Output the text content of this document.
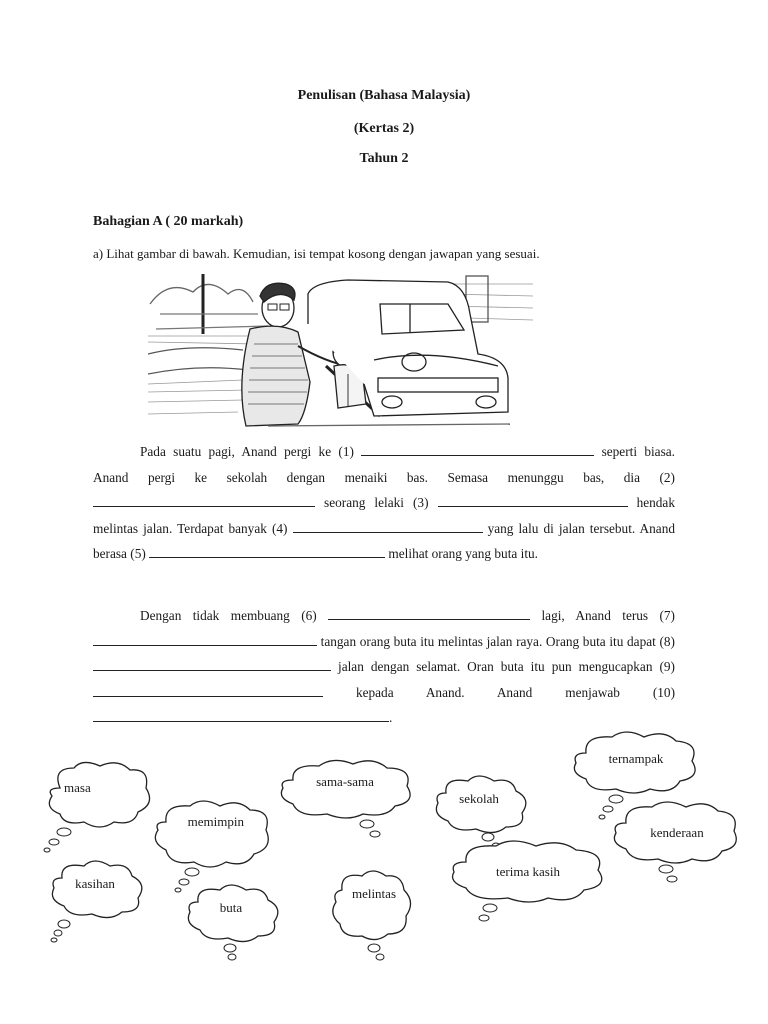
Penulisan (Bahasa Malaysia)
(Kertas 2)
Tahun 2
Bahagian A ( 20 markah)
a) Lihat gambar di bawah. Kemudian, isi tempat kosong dengan jawapan yang sesuai.
Pada suatu pagi, Anand pergi ke (1)	seperti biasa. Anand pergi ke sekolah dengan menaiki bas. Semasa menunggu bas, dia (2)  seorang lelaki (3)	hendak melintas jalan. Terdapat banyak (4)	yang lalu di jalan tersebut. Anand berasa (5)	melihat orang yang buta itu.
Dengan tidak membuang (6)	lagi, Anand terus (7)  tangan orang buta itu melintas jalan raya. Orang buta itu dapat (8)  jalan dengan selamat. Oran buta itu pun mengucapkan (9)  kepada Anand. Anand menjawab (10) .
masa
memimpin
sama-sama
sekolah
ternampak
kenderaan
kasihan
buta
melintas
terima kasih
